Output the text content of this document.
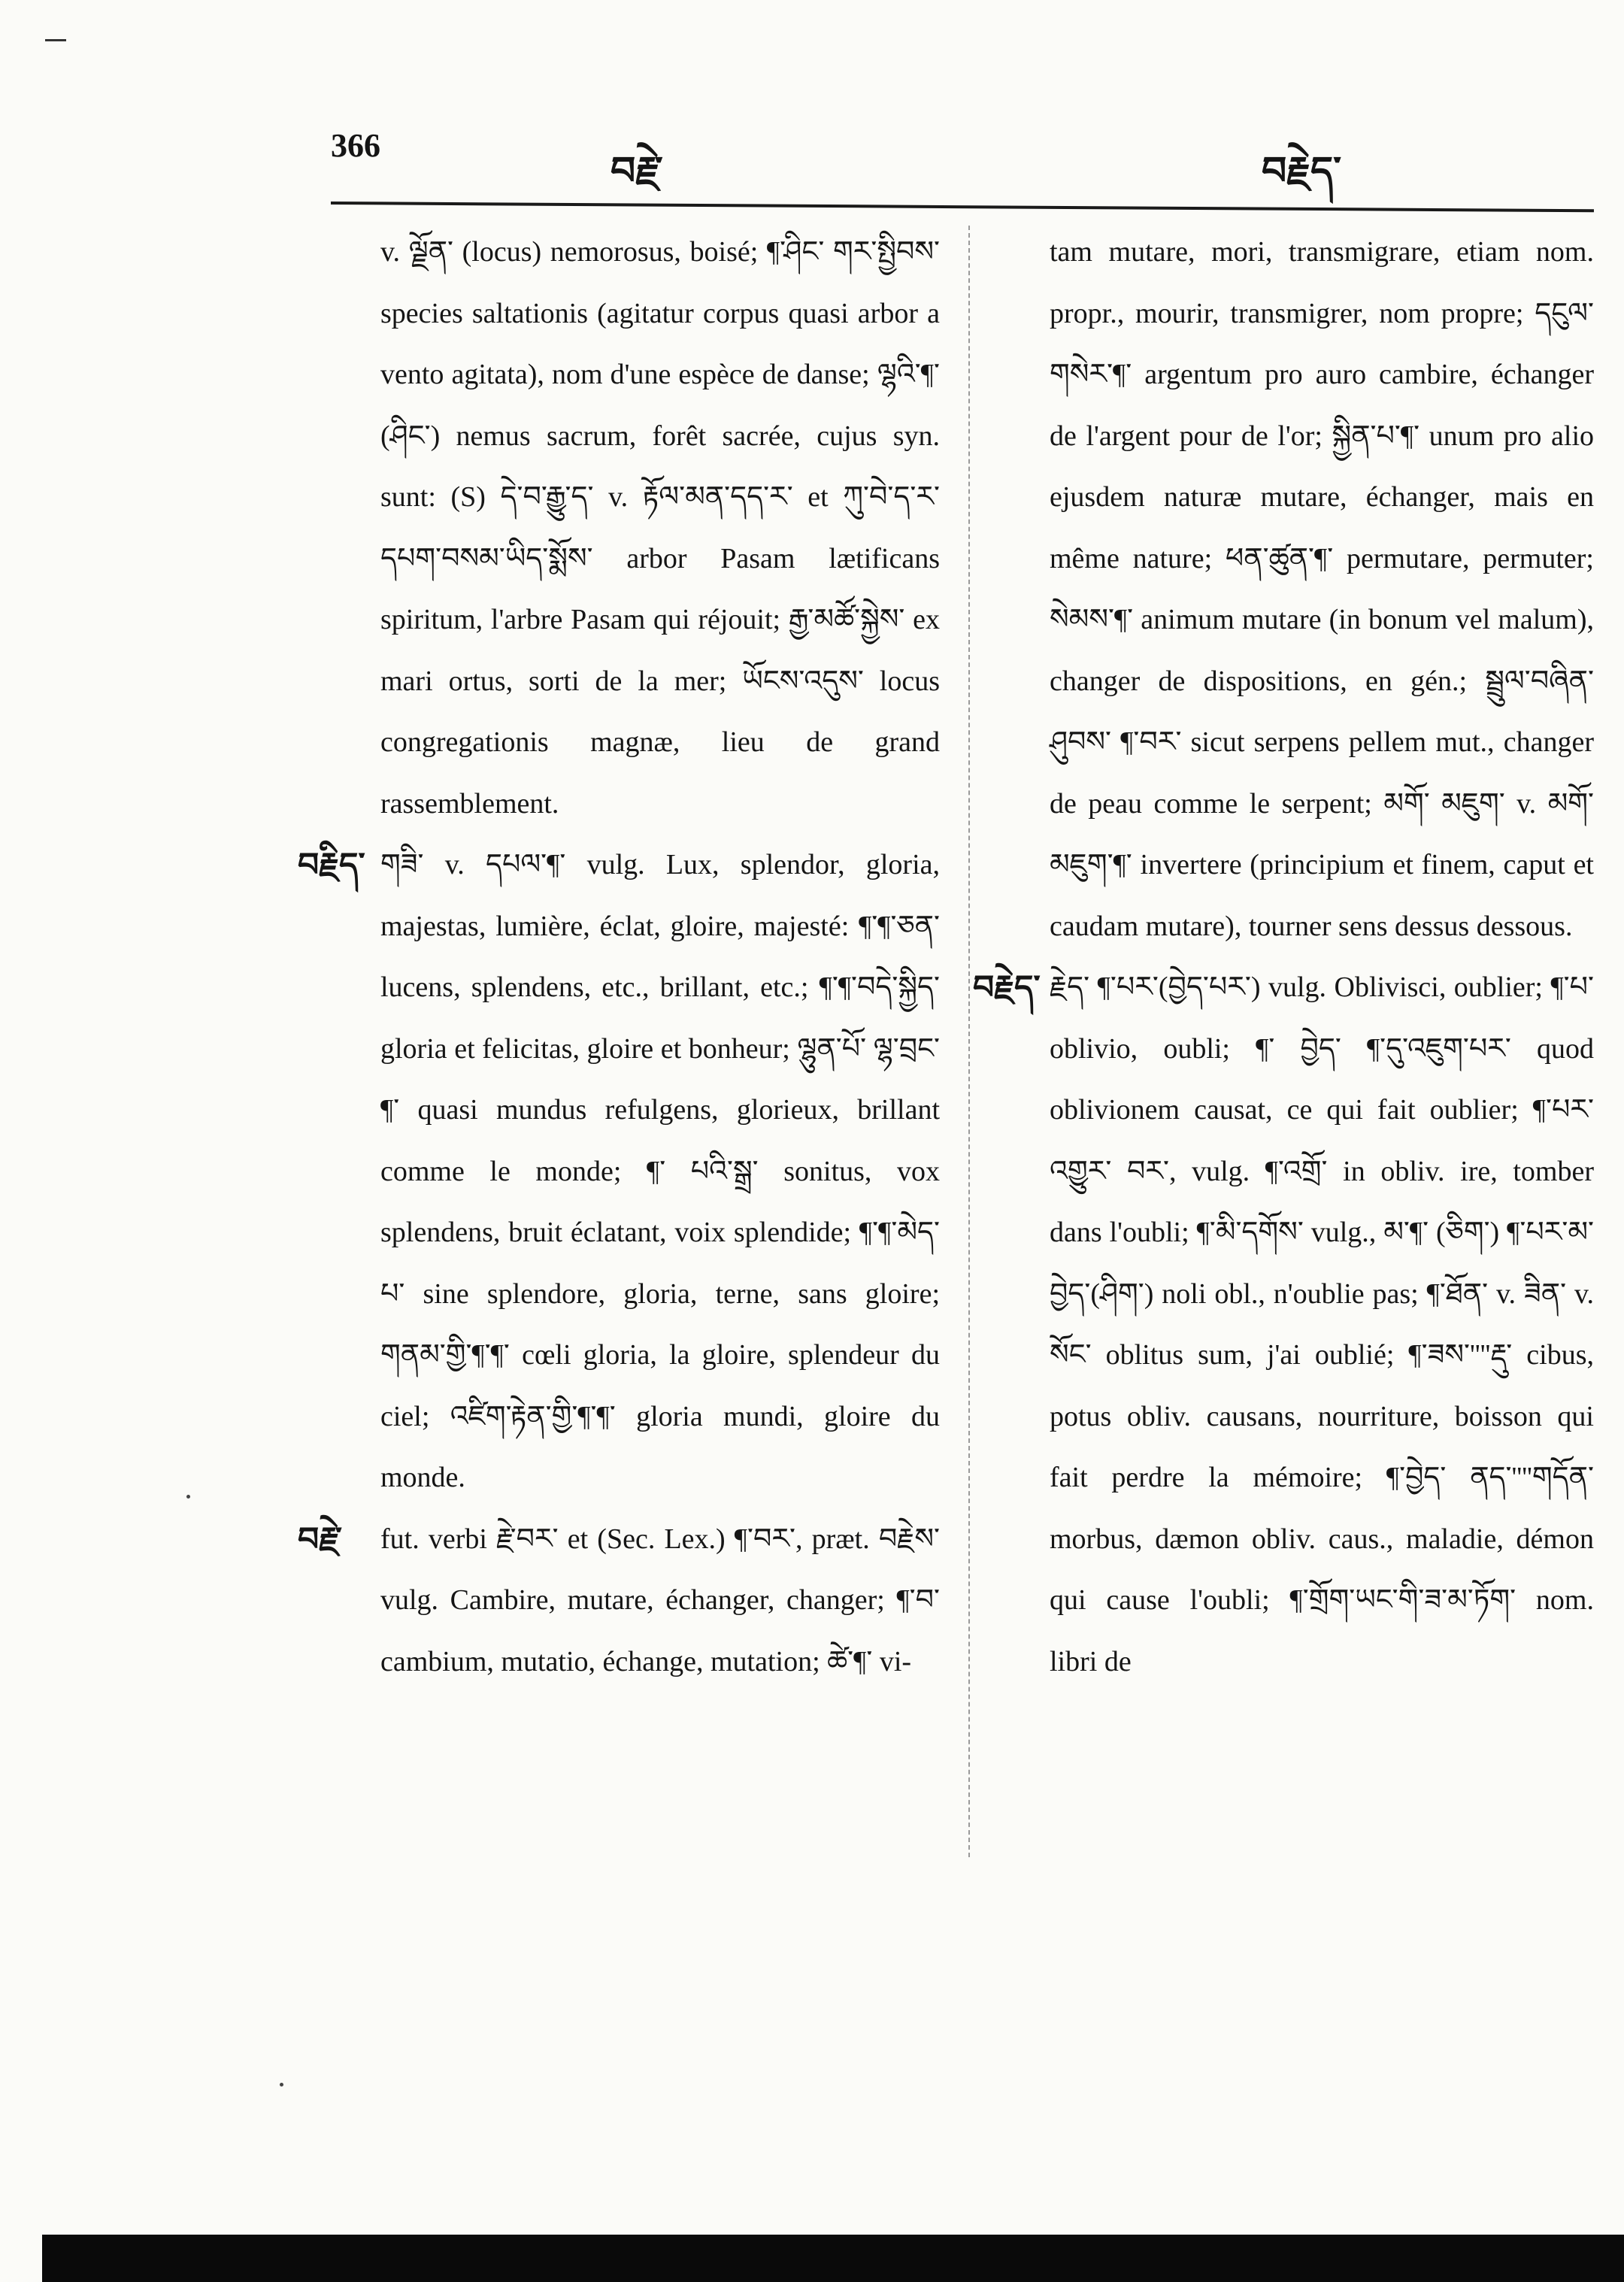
366
བརྗེ་	བརྗེད་

v. ལྗོན་ (locus) nemorosus, boisé; ¶་ཤིང་ གར་སྤྱིབས་ species saltationis (agitatur corpus quasi arbor a vento agitata), nom d'une espèce de danse; ལྷའི་¶་(ཤིང་) nemus sacrum, forêt sacrée, cujus syn. sunt: (S) དེ་བ་རྒྱུ་ད་ v. རྟོལ་མན་དད་ར་ et ཀུ་བེ་ད་ར་ དཔག་བསམ་ཡིད་སྨོས་ arbor Pasam lætificans spiritum, l'arbre Pasam qui réjouit; རྒྱ་མཚོ་སྐྱེས་ ex mari ortus, sorti de la mer; ཡོངས་འདུས་ locus congregationis magnæ, lieu de grand rassemblement.

བརྗིད་ གཟི་ v. དཔལ་¶་ vulg. Lux, splendor, gloria, majestas, lumière, éclat, gloire, majesté: ¶་¶་ཅན་ lucens, splendens, etc., brillant, etc.; ¶་¶་བདེ་སྐྱིད་ gloria et felicitas, gloire et bonheur; ལྷུན་པོ་ ལྷ་བྲང་¶་ quasi mundus refulgens, glorieux, brillant comme le monde; ¶་ པའི་སྒྲ་ sonitus, vox splendens, bruit éclatant, voix splendide; ¶་¶་མེད་པ་ sine splendore, gloria, terne, sans gloire; གནམ་གྱི་¶་¶་ cœli gloria, la gloire, splendeur du ciel; འཛིག་རྟེན་གྱི་¶་¶་ gloria mundi, gloire du monde.

བརྗེ་ fut. verbi རྗེ་བར་ et (Sec. Lex.) ¶་བར་, præt. བརྗེས་ vulg. Cambire, mutare, échanger, changer; ¶་བ་ cambium, mutatio, échange, mutation; ཚེ་¶་ vi-

tam mutare, mori, transmigrare, etiam nom. propr., mourir, transmigrer, nom propre; དངུལ་གསེར་¶་ argentum pro auro cambire, échanger de l'argent pour de l'or; སྐྱིན་པ་¶་ unum pro alio ejusdem naturæ mutare, échanger, mais en même nature; ཕན་ཚུན་¶་ permutare, permuter; སེམས་¶་ animum mutare (in bonum vel malum), changer de dispositions, en gén.; སྦྲུལ་བཞིན་ཤུབས་ ¶་བར་ sicut serpens pellem mut., changer de peau comme le serpent; མགོ་ མཇུག་ v. མགོ་མཇུག་¶་ invertere (principium et finem, caput et caudam mutare), tourner sens dessus dessous.

བརྗེད་ རྗེད་ ¶་པར་(བྱེད་པར་) vulg. Oblivisci, oublier; ¶་པ་ oblivio, oubli; ¶་ བྱེད་ ¶་དུ་འཇུག་པར་ quod oblivionem causat, ce qui fait oublier; ¶་པར་འགྱུར་ བར་, vulg. ¶་འགྲོ་ in obliv. ire, tomber dans l'oubli; ¶་མི་དགོས་ vulg., མ་¶་ (ཅིག་) ¶་པར་མ་བྱེད་(ཤིག་) noli obl., n'oublie pas; ¶་ཐོན་ v. ཟིན་ v. སོང་ oblitus sum, j'ai oublié; ¶་ཟས་''''རྡུ་ cibus, potus obliv. causans, nourriture, boisson qui fait perdre la mémoire; ¶་བྱེད་ ནད་''''གདོན་ morbus, dæmon obliv. caus., maladie, démon qui cause l'oubli; ¶་གྲོག་ཡང་གི་ཟ་མ་ཏོག་ nom. libri de
